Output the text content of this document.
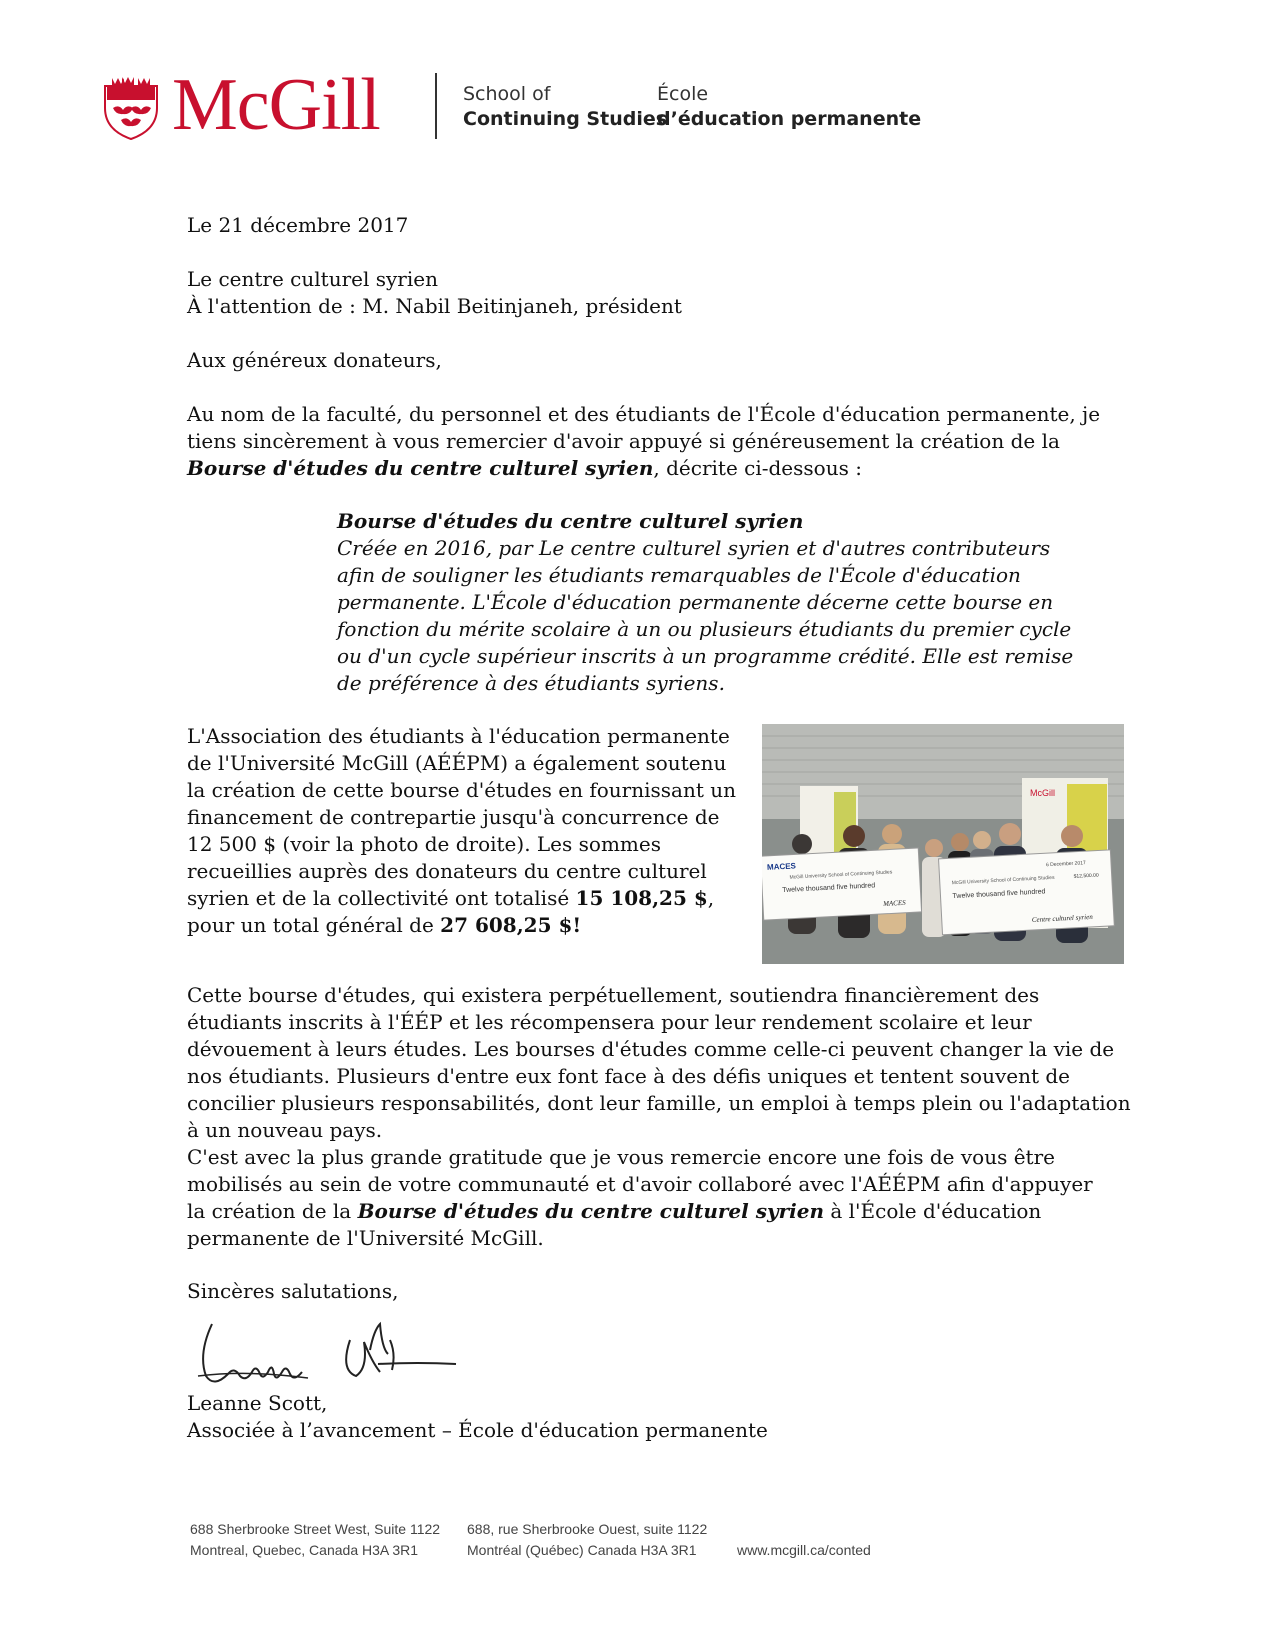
McGill	School of
Continuing Studies
École
d’éducation permanente
Le 21 décembre 2017
Le centre culturel syrien
À l'attention de : M. Nabil Beitinjaneh, président
Aux généreux donateurs,

Au nom de la faculté, du personnel et des étudiants de l'École d'éducation permanente, je tiens sincèrement à vous remercier d'avoir appuyé si généreusement la création de la Bourse d'études du centre culturel syrien, décrite ci-dessous :

Bourse d'études du centre culturel syrien
Créée en 2016, par Le centre culturel syrien et d'autres contributeurs afin de souligner les étudiants remarquables de l'École d'éducation permanente. L'École d'éducation permanente décerne cette bourse en fonction du mérite scolaire à un ou plusieurs étudiants du premier cycle ou d'un cycle supérieur inscrits à un programme crédité. Elle est remise de préférence à des étudiants syriens.

L'Association des étudiants à l'éducation permanente de l'Université McGill (AÉÉPM) a également soutenu la création de cette bourse d'études en fournissant un financement de contrepartie jusqu'à concurrence de 12 500 $ (voir la photo de droite). Les sommes recueillies auprès des donateurs du centre culturel syrien et de la collectivité ont totalisé 15 108,25 $, pour un total général de 27 608,25 $!

McGill
MACES
McGill University School of Continuing Studies
Twelve thousand five hundred
MACES
6 December 2017
McGill University School of Continuing Studies	$12,500.00
Twelve thousand five hundred
Centre culturel syrien

Cette bourse d'études, qui existera perpétuellement, soutiendra financièrement des étudiants inscrits à l'ÉÉP et les récompensera pour leur rendement scolaire et leur dévouement à leurs études. Les bourses d'études comme celle-ci peuvent changer la vie de nos étudiants. Plusieurs d'entre eux font face à des défis uniques et tentent souvent de concilier plusieurs responsabilités, dont leur famille, un emploi à temps plein ou l'adaptation à un nouveau pays.

C'est avec la plus grande gratitude que je vous remercie encore une fois de vous être mobilisés au sein de votre communauté et d'avoir collaboré avec l'AÉÉPM afin d'appuyer la création de la Bourse d'études du centre culturel syrien à l'École d'éducation permanente de l'Université McGill.

Sincères salutations,
Leanne Scott,
Associée à l’avancement – École d'éducation permanente
688 Sherbrooke Street West, Suite 1122
Montreal, Quebec, Canada H3A 3R1
688, rue Sherbrooke Ouest, suite 1122
Montréal (Québec) Canada H3A 3R1	www.mcgill.ca/conted
